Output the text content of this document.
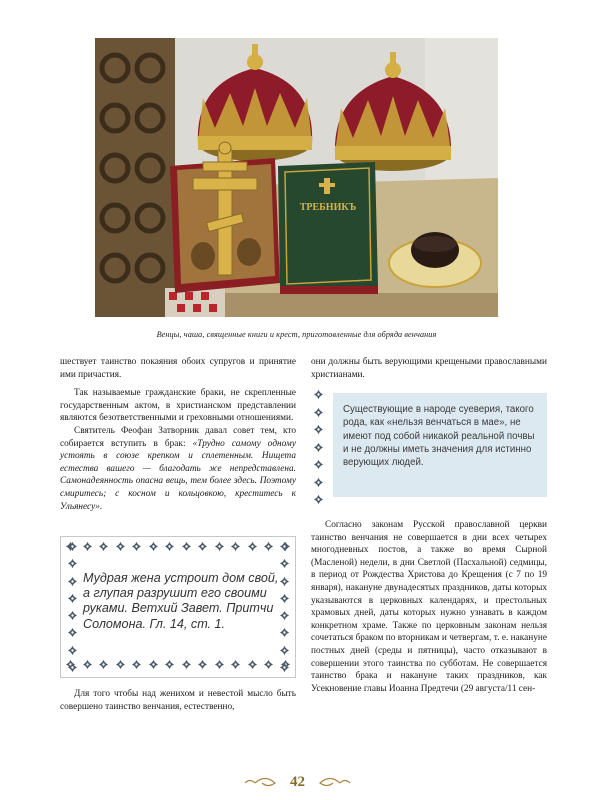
ТРЕБНИКЪ
Венцы, чаша, священные книги и крест, приготовленные для обряда венчания

шествует таинство покаяния обоих супругов и принятие ими причастия.

Так называемые гражданские браки, не скрепленные государственным актом, в христианском представлении являются безответственными и греховными отношениями.

Святитель Феофан Затворник давал совет тем, кто собирается вступить в брак: «Трудно самому одному устоять в союзе крепком и сплетенным. Нищета естества вашего — благодать же непредставлена. Самонадеянность опасна вещь, тем более здесь. Поэтому смиритесь; с косном и кольцовкою, креститесь к Ульянесу».

Мудрая жена устроит дом свой, а глупая разрушит его своими руками. Ветхий Завет. Притчи Соломона. Гл. 14, ст. 1.

Для того чтобы над женихом и невестой мысло быть совершено таинство венчания, естественно,

они должны быть верующими крещеными православными христианами.

Существующие в народе суеверия, такого рода, как «нельзя венчаться в мае», не имеют под собой никакой реальной почвы и не должны иметь значения для истинно верующих людей.

Согласно законам Русской православной церкви таинство венчания не совершается в дни всех четырех многодневных постов, а также во время Сырной (Масленой) недели, в дни Светлой (Пасхальной) седмицы, в период от Рождества Христова до Крещения (с 7 по 19 января), накануне двунадесятых праздников, даты которых указываются в церковных календарях, и престольных храмовых дней, даты которых нужно узнавать в каждом конкретном храме. Также по церковным законам нельзя сочетаться браком по вторникам и четвергам, т. е. накануне постных дней (среды и пятницы), часто отказывают в совершении этого таинства по субботам. Не совершается таинство брака и накануне таких праздников, как Усекновение главы Иоанна Предтечи (29 августа/11 сен-

42
